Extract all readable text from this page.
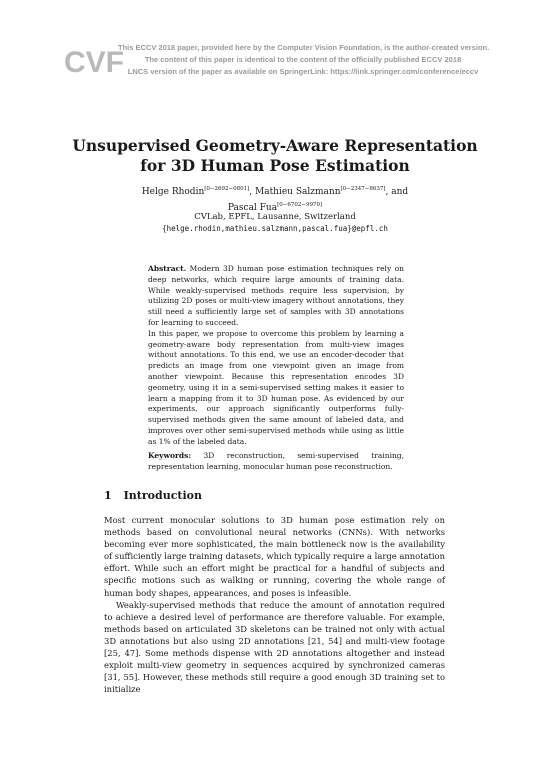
CVF
This ECCV 2018 paper, provided here by the Computer Vision Foundation, is the author-created version.
The content of this paper is identical to the content of the officially published ECCV 2018
LNCS version of the paper as available on SpringerLink: https://link.springer.com/conference/eccv
Unsupervised Geometry-Aware Representation
for 3D Human Pose Estimation
Helge Rhodin[0−2692−0801], Mathieu Salzmann[0−2347−8637], and
Pascal Fua[0−6702−9970]
CVLab, EPFL, Lausanne, Switzerland
{helge.rhodin,mathieu.salzmann,pascal.fua}@epfl.ch

Abstract. Modern 3D human pose estimation techniques rely on deep networks, which require large amounts of training data. While weakly-supervised methods require less supervision, by utilizing 2D poses or multi-view imagery without annotations, they still need a sufficiently large set of samples with 3D annotations for learning to succeed.

In this paper, we propose to overcome this problem by learning a geometry-aware body representation from multi-view images without annotations. To this end, we use an encoder-decoder that predicts an image from one viewpoint given an image from another viewpoint. Because this representation encodes 3D geometry, using it in a semi-supervised setting makes it easier to learn a mapping from it to 3D human pose. As evidenced by our experiments, our approach significantly outperforms fully-supervised methods given the same amount of labeled data, and improves over other semi-supervised methods while using as little as 1% of the labeled data.

Keywords: 3D reconstruction, semi-supervised training, representation learning, monocular human pose reconstruction.
1 Introduction

Most current monocular solutions to 3D human pose estimation rely on methods based on convolutional neural networks (CNNs). With networks becoming ever more sophisticated, the main bottleneck now is the availability of sufficiently large training datasets, which typically require a large annotation effort. While such an effort might be practical for a handful of subjects and specific motions such as walking or running, covering the whole range of human body shapes, appearances, and poses is infeasible.

Weakly-supervised methods that reduce the amount of annotation required to achieve a desired level of performance are therefore valuable. For example, methods based on articulated 3D skeletons can be trained not only with actual 3D annotations but also using 2D annotations [21, 54] and multi-view footage [25, 47]. Some methods dispense with 2D annotations altogether and instead exploit multi-view geometry in sequences acquired by synchronized cameras [31, 55]. However, these methods still require a good enough 3D training set to initialize
